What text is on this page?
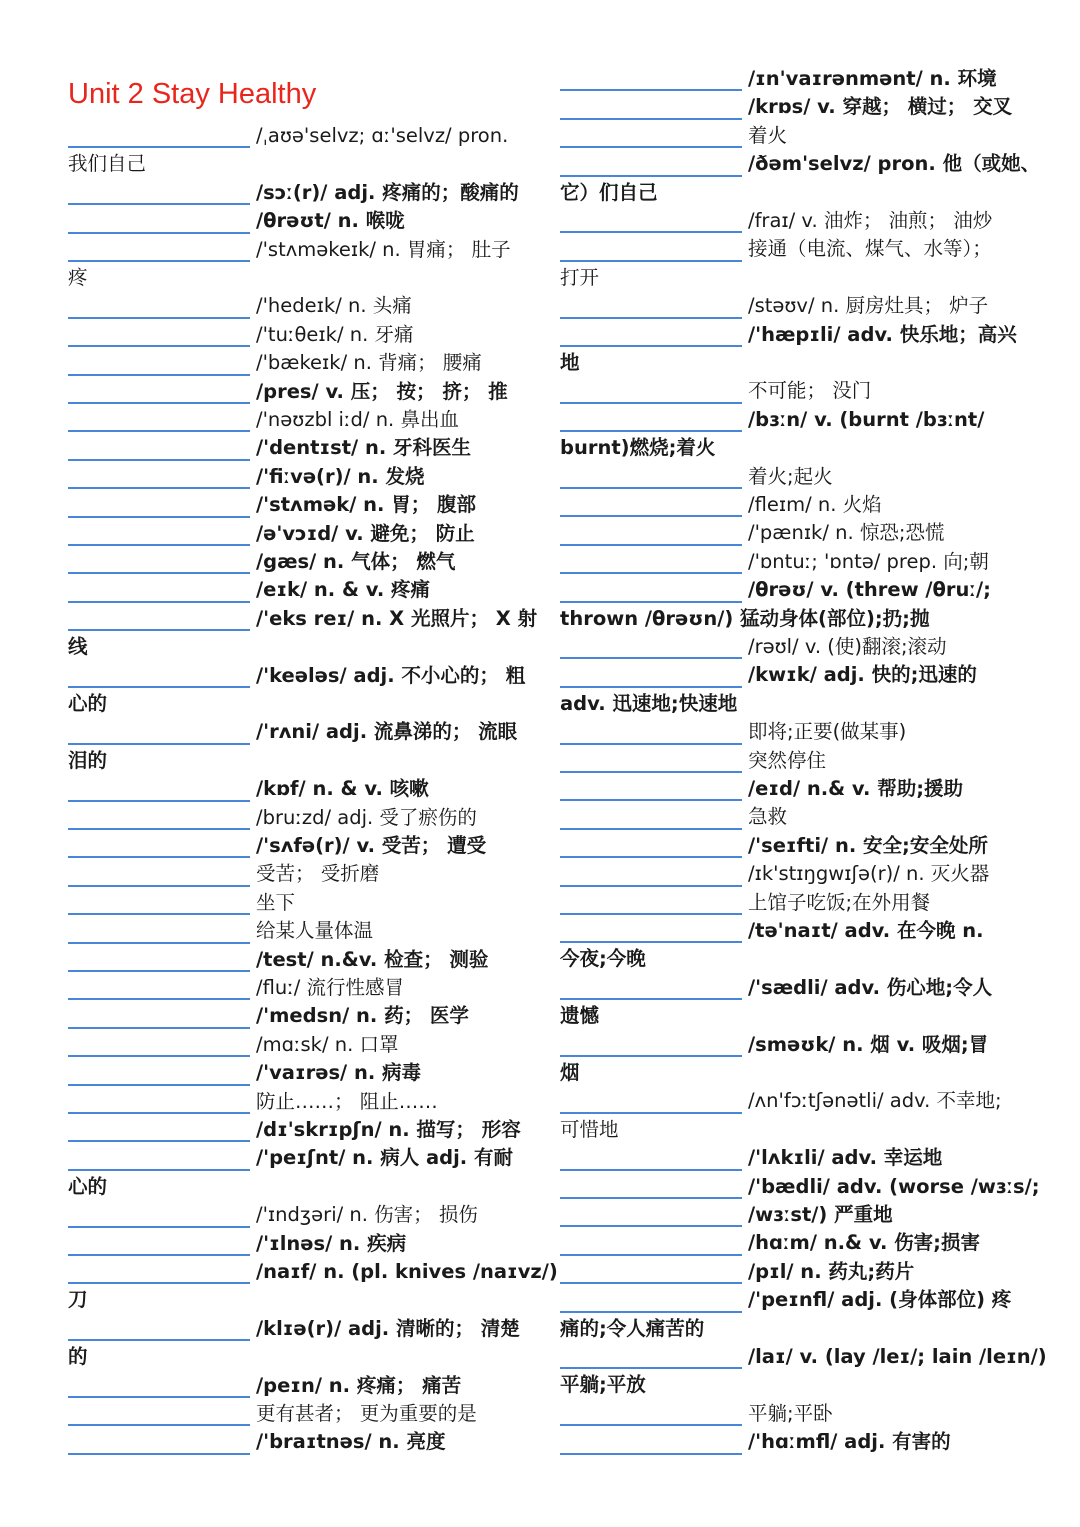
Unit 2 Stay Healthy
/ˌaʊə'selvz; ɑː'selvz/ pron.
我们自己
/sɔː(r)/ adj. 疼痛的；酸痛的
/θrəʊt/ n. 喉咙
/'stʌməkeɪk/ n. 胃痛； 肚子
疼
/'hedeɪk/ n. 头痛
/'tuːθeɪk/ n. 牙痛
/'bækeɪk/ n. 背痛； 腰痛
/pres/ v. 压； 按； 挤； 推
/'nəʊzbl iːd/ n. 鼻出血
/'dentɪst/ n. 牙科医生
/'fiːvə(r)/ n. 发烧
/'stʌmək/ n. 胃； 腹部
/ə'vɔɪd/ v. 避免； 防止
/gæs/ n. 气体； 燃气
/eɪk/ n. & v. 疼痛
/'eks reɪ/ n. X 光照片； X 射
线
/'keələs/ adj. 不小心的； 粗
心的
/'rʌni/ adj. 流鼻涕的； 流眼
泪的
/kɒf/ n. & v. 咳嗽
/bruːzd/ adj. 受了瘀伤的
/'sʌfə(r)/ v. 受苦； 遭受
受苦； 受折磨
坐下
给某人量体温
/test/ n.&v. 检查； 测验
/fluː/ 流行性感冒
/'medsn/ n. 药； 医学
/mɑːsk/ n. 口罩
/'vaɪrəs/ n. 病毒
防止……； 阻止……
/dɪ'skrɪpʃn/ n. 描写； 形容
/'peɪʃnt/ n. 病人 adj. 有耐
心的
/'ɪndʒəri/ n. 伤害； 损伤
/'ɪlnəs/ n. 疾病
/naɪf/ n. (pl. knives /naɪvz/)
刀
/klɪə(r)/ adj. 清晰的； 清楚
的
/peɪn/ n. 疼痛； 痛苦
更有甚者； 更为重要的是
/'braɪtnəs/ n. 亮度
/ɪn'vaɪrənmənt/ n. 环境
/krɒs/ v. 穿越； 横过； 交叉
着火
/ðəm'selvz/ pron. 他（或她、
它）们自己
/fraɪ/ v. 油炸； 油煎； 油炒
接通（电流、煤气、水等）；
打开
/stəʊv/ n. 厨房灶具； 炉子
/'hæpɪli/ adv. 快乐地；高兴
地
不可能； 没门
/bɜːn/ v. (burnt /bɜːnt/
burnt)燃烧;着火
着火;起火
/fleɪm/ n. 火焰
/'pænɪk/ n. 惊恐;恐慌
/'ɒntuː; 'ɒntə/ prep. 向;朝
/θrəʊ/ v. (threw /θruː/;
thrown /θrəʊn/) 猛动身体(部位);扔;抛
/rəʊl/ v. (使)翻滚;滚动
/kwɪk/ adj. 快的;迅速的
adv. 迅速地;快速地
即将;正要(做某事)
突然停住
/eɪd/ n.& v. 帮助;援助
急救
/'seɪfti/ n. 安全;安全处所
/ɪk'stɪŋgwɪʃə(r)/ n. 灭火器
上馆子吃饭;在外用餐
/tə'naɪt/ adv. 在今晚 n.
今夜;今晚
/'sædli/ adv. 伤心地;令人
遗憾
/sməʊk/ n. 烟 v. 吸烟;冒
烟
/ʌn'fɔːtʃənətli/ adv. 不幸地;
可惜地
/'lʌkɪli/ adv. 幸运地
/'bædli/ adv. (worse /wɜːs/;
/wɜːst/) 严重地
/hɑːm/ n.& v. 伤害;损害
/pɪl/ n. 药丸;药片
/'peɪnfl/ adj. (身体部位) 疼
痛的;令人痛苦的
/laɪ/ v. (lay /leɪ/; lain /leɪn/)
平躺;平放
平躺;平卧
/'hɑːmfl/ adj. 有害的
